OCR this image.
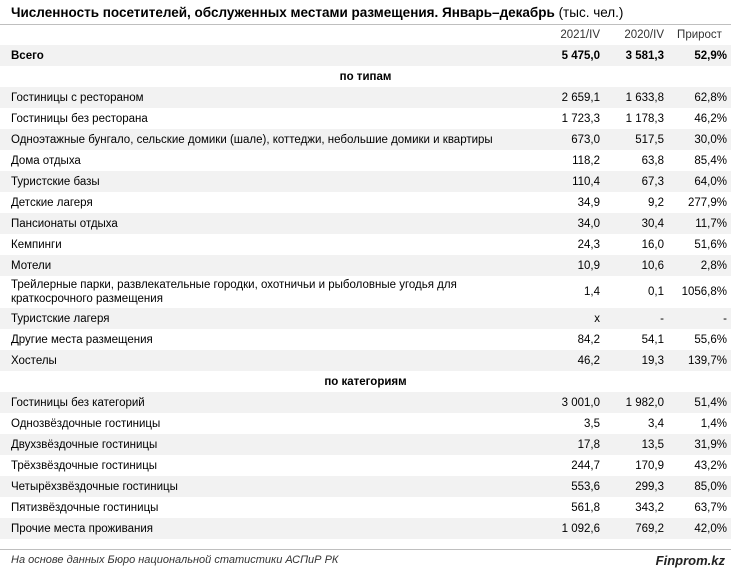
Численность посетителей, обслуженных местами размещения. Январь–декабрь (тыс. чел.)
	2021/IV	2020/IV	Прирост
Всего	5 475,0	3 581,3	52,9%
по типам			
Гостиницы с рестораном	2 659,1	1 633,8	62,8%
Гостиницы без ресторана	1 723,3	1 178,3	46,2%
Одноэтажные бунгало, сельские домики (шале), коттеджи, небольшие домики и квартиры	673,0	517,5	30,0%
Дома отдыха	118,2	63,8	85,4%
Туристские базы	110,4	67,3	64,0%
Детские лагеря	34,9	9,2	277,9%
Пансионаты отдыха	34,0	30,4	11,7%
Кемпинги	24,3	16,0	51,6%
Мотели	10,9	10,6	2,8%
Трейлерные парки, развлекательные городки, охотничьи и рыболовные угодья для краткосрочного размещения	1,4	0,1	1056,8%
Туристские лагеря	x	-	-
Другие места размещения	84,2	54,1	55,6%
Хостелы	46,2	19,3	139,7%
по категориям			
Гостиницы без категорий	3 001,0	1 982,0	51,4%
Однозвёздочные гостиницы	3,5	3,4	1,4%
Двухзвёздочные гостиницы	17,8	13,5	31,9%
Трёхзвёздочные гостиницы	244,7	170,9	43,2%
Четырёхзвёздочные гостиницы	553,6	299,3	85,0%
Пятизвёздочные гостиницы	561,8	343,2	63,7%
Прочие места проживания	1 092,6	769,2	42,0%
На основе данных Бюро национальной статистики АСПиР РК	Finprom.kz
